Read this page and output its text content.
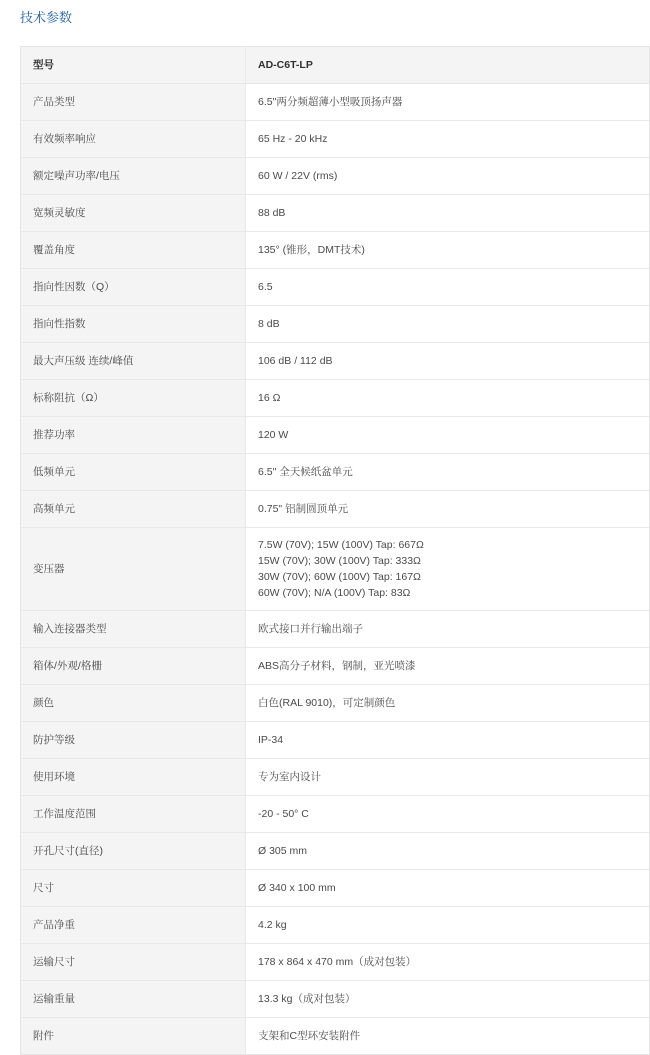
技术参数
型号	AD-C6T-LP
产品类型	6.5"两分频超薄小型吸顶扬声器
有效频率响应	65 Hz - 20 kHz
额定噪声功率/电压	60 W / 22V (rms)
宽频灵敏度	88 dB
覆盖角度	135° (锥形，DMT技术)
指向性因数（Q）	6.5
指向性指数	8 dB
最大声压级 连续/峰值	106 dB / 112 dB
标称阻抗（Ω）	16 Ω
推荐功率	120 W
低频单元	6.5" 全天候纸盆单元
高频单元	0.75" 铝制圆顶单元
变压器	7.5W (70V); 15W (100V) Tap: 667Ω
15W (70V); 30W (100V) Tap: 333Ω
30W (70V); 60W (100V) Tap: 167Ω
60W (70V); N/A (100V) Tap: 83Ω

输入连接器类型	欧式接口并行输出端子
箱体/外观/格栅	ABS高分子材料，钢制，亚光喷漆
颜色	白色(RAL 9010)，可定制颜色
防护等级	IP-34
使用环境	专为室内设计
工作温度范围	-20 - 50° C
开孔尺寸(直径)	Ø 305 mm
尺寸	Ø 340 x 100 mm
产品净重	4.2 kg
运输尺寸	178 x 864 x 470 mm（成对包装）
运输重量	13.3 kg（成对包装）
附件	支架和C型环安装附件
